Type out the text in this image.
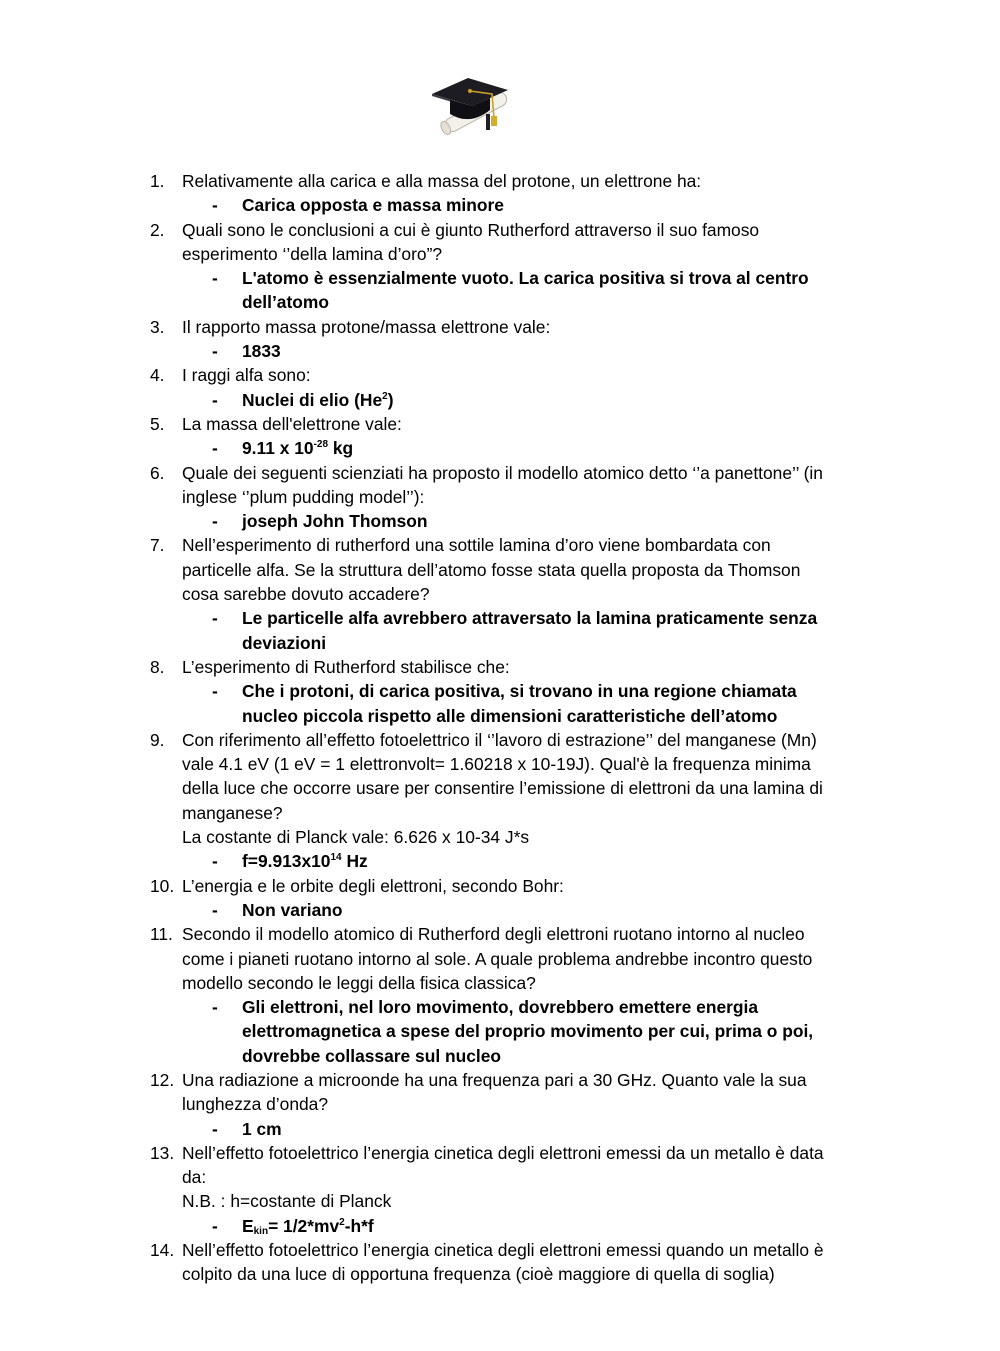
1. Relativamente alla carica e alla massa del protone, un elettrone ha:
- Carica opposta e massa minore
2. Quali sono le conclusioni a cui è giunto Rutherford attraverso il suo famoso
esperimento ‘’della lamina d’oro”?
- L'atomo è essenzialmente vuoto. La carica positiva si trova al centro
dell’atomo
3. Il rapporto massa protone/massa elettrone vale:
- 1833
4. I raggi alfa sono:
- Nuclei di elio (He$^2$)
5. La massa dell'elettrone vale:
- 9.11 x $10^{-28}$ kg
6. Quale dei seguenti scienziati ha proposto il modello atomico detto ‘’a panettone’’ (in
inglese ‘’plum pudding model’’):
- joseph John Thomson
7. Nell’esperimento di rutherford una sottile lamina d’oro viene bombardata con
particelle alfa. Se la struttura dell’atomo fosse stata quella proposta da Thomson
cosa sarebbe dovuto accadere?
- Le particelle alfa avrebbero attraversato la lamina praticamente senza
deviazioni
8. L’esperimento di Rutherford stabilisce che:
- Che i protoni, di carica positiva, si trovano in una regione chiamata
nucleo piccola rispetto alle dimensioni caratteristiche dell’atomo
9. Con riferimento all’effetto fotoelettrico il ‘’lavoro di estrazione’’ del manganese (Mn)
vale 4.1 eV (1 eV = 1 elettronvolt= 1.60218 x 10-19J). Qual'è la frequenza minima
della luce che occorre usare per consentire l’emissione di elettroni da una lamina di
manganese?
La costante di Planck vale: 6.626 x 10-34 J*s
- $f=9.913x10^{14}$ Hz
10. L’energia e le orbite degli elettroni, secondo Bohr:
- Non variano
11. Secondo il modello atomico di Rutherford degli elettroni ruotano intorno al nucleo
come i pianeti ruotano intorno al sole. A quale problema andrebbe incontro questo
modello secondo le leggi della fisica classica?
- Gli elettroni, nel loro movimento, dovrebbero emettere energia
elettromagnetica a spese del proprio movimento per cui, prima o poi,
dovrebbe collassare sul nucleo
12. Una radiazione a microonde ha una frequenza pari a 30 GHz. Quanto vale la sua
lunghezza d’onda?
- 1 cm
13. Nell’effetto fotoelettrico l’energia cinetica degli elettroni emessi da un metallo è data
da:
N.B. : h=costante di Planck
- $E_{kin}= 1/2*mv^2-h*f$
14. Nell’effetto fotoelettrico l’energia cinetica degli elettroni emessi quando un metallo è
colpito da una luce di opportuna frequenza (cioè maggiore di quella di soglia)
